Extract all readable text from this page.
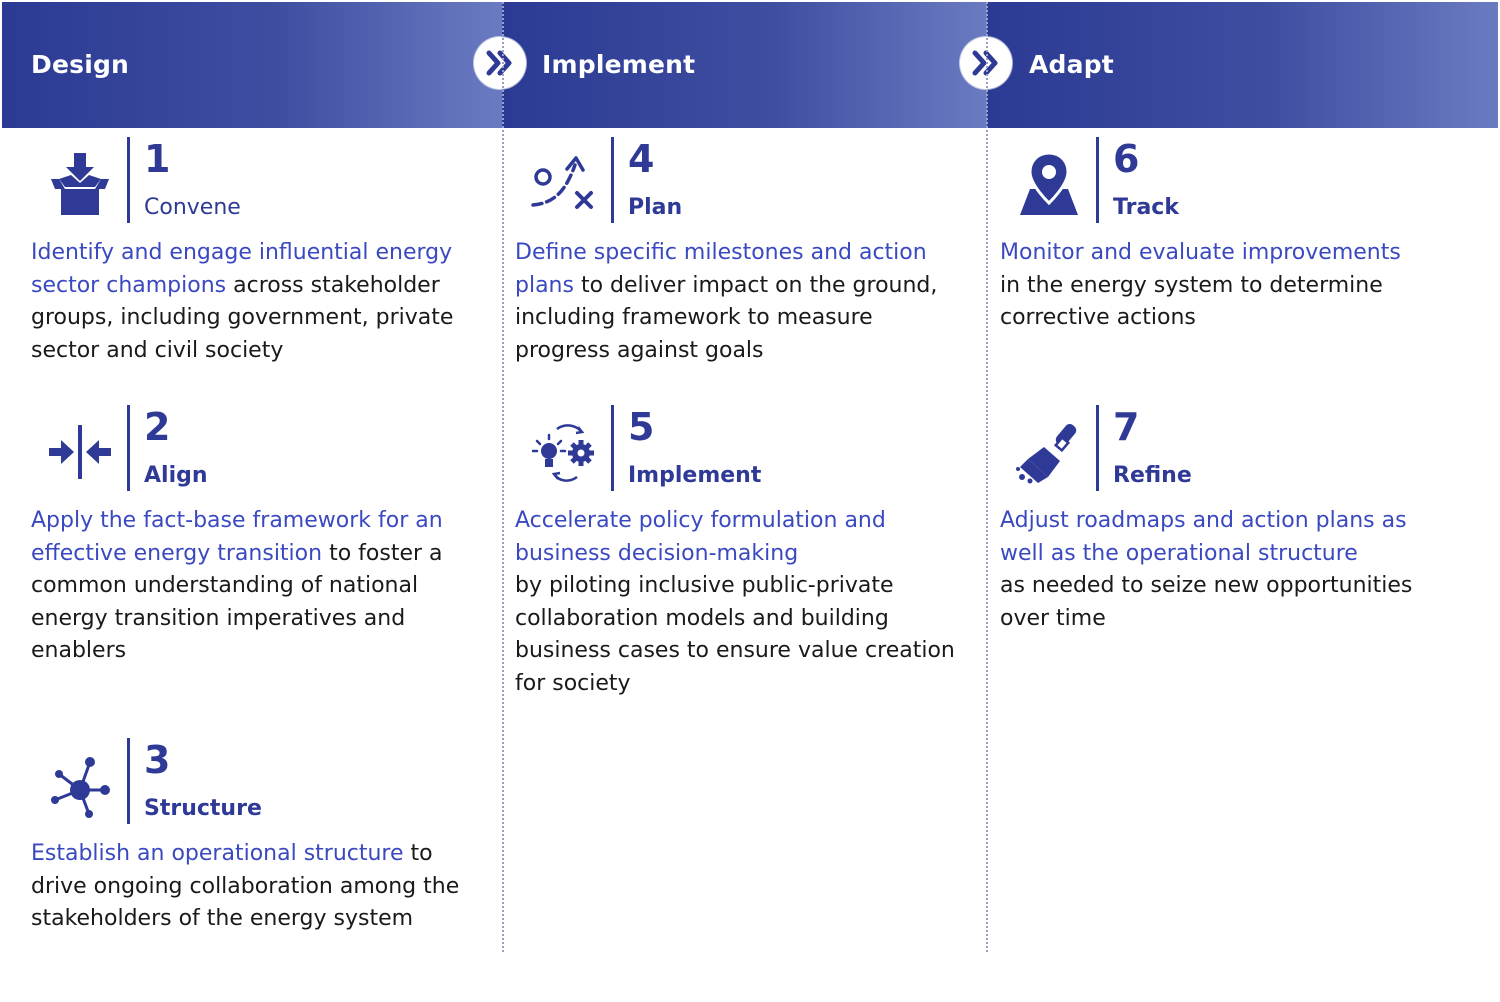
Design	Implement	Adapt
1
Convene
Identify and engage influential energy sector champions across stakeholder groups, including government, private sector and civil society
2
Align
Apply the fact-base framework for an effective energy transition to foster a common understanding of national energy transition imperatives and enablers
3
Structure
Establish an operational structure to drive ongoing collaboration among the stakeholders of the energy system
4
Plan
Define specific milestones and action plans to deliver impact on the ground, including framework to measure progress against goals
5
Implement
Accelerate policy formulation and business decision-making
by piloting inclusive public-private collaboration models and building business cases to ensure value creation for society
6
Track
Monitor and evaluate improvements
in the energy system to determine corrective actions
7
Refine
Adjust roadmaps and action plans as well as the operational structure
as needed to seize new opportunities over time
